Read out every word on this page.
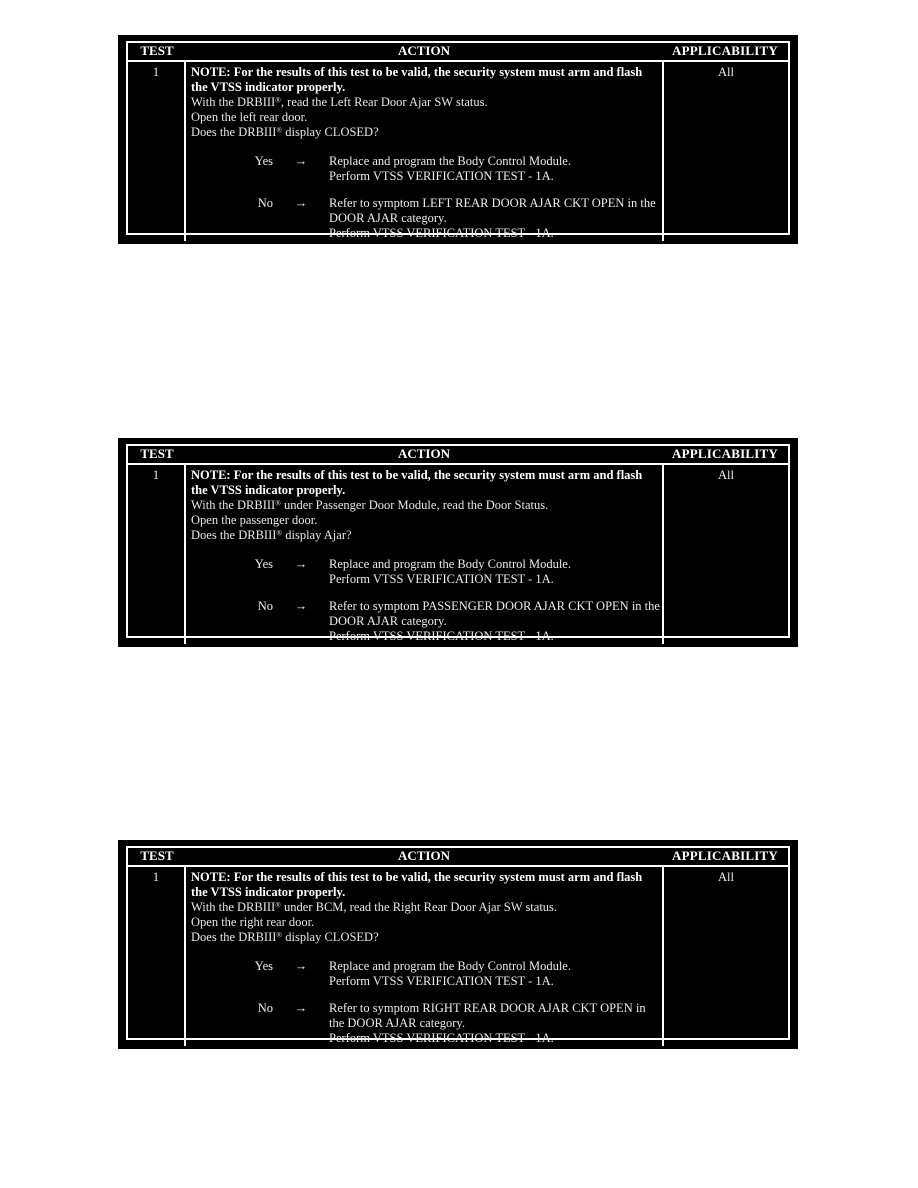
TEST	ACTION	APPLICABILITY
1	NOTE: For the results of this test to be valid, the security system must arm and flash the VTSS indicator properly.
With the DRBIII®, read the Left Rear Door Ajar SW status.
Open the left rear door.
Does the DRBIII® display CLOSED?
Yes	→	Replace and program the Body Control Module.
Perform VTSS VERIFICATION TEST - 1A.
No	→	Refer to symptom LEFT REAR DOOR AJAR CKT OPEN in the DOOR AJAR category.
Perform VTSS VERIFICATION TEST - 1A.
All
TEST	ACTION	APPLICABILITY
1	NOTE: For the results of this test to be valid, the security system must arm and flash the VTSS indicator properly.
With the DRBIII® under Passenger Door Module, read the Door Status.
Open the passenger door.
Does the DRBIII® display Ajar?
Yes	→	Replace and program the Body Control Module.
Perform VTSS VERIFICATION TEST - 1A.
No	→	Refer to symptom PASSENGER DOOR AJAR CKT OPEN in the DOOR AJAR category.
Perform VTSS VERIFICATION TEST - 1A.
All
TEST	ACTION	APPLICABILITY
1	NOTE: For the results of this test to be valid, the security system must arm and flash the VTSS indicator properly.
With the DRBIII® under BCM, read the Right Rear Door Ajar SW status.
Open the right rear door.
Does the DRBIII® display CLOSED?
Yes	→	Replace and program the Body Control Module.
Perform VTSS VERIFICATION TEST - 1A.
No	→	Refer to symptom RIGHT REAR DOOR AJAR CKT OPEN in the DOOR AJAR category.
Perform VTSS VERIFICATION TEST - 1A.
All
